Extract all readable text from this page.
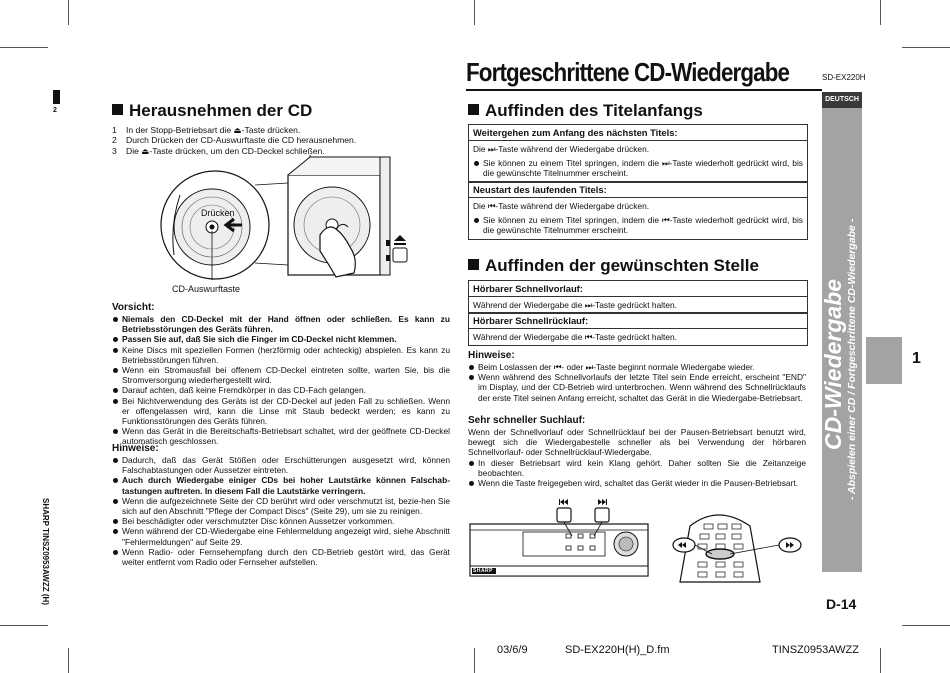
2
SHARP TINSZ0953AWZZ (H)
Fortgeschrittene CD-Wiedergabe	SD-EX220H
DEUTSCH
CD-Wiedergabe - Abspielen einer CD / Fortgeschrittene CD-Wiedergabe -	1
D-14
Herausnehmen der CD
1 In der Stopp-Betriebsart die ⏏-Taste drücken.
2 Durch Drücken der CD-Auswurftaste die CD herausnehmen.
3 Die ⏏-Taste drücken, um den CD-Deckel schließen.
Drücken
CD-Auswurftaste
Vorsicht:
Niemals den CD-Deckel mit der Hand öffnen oder schließen. Es kann zu Betriebsstörungen des Geräts führen.
Passen Sie auf, daß Sie sich die Finger im CD-Deckel nicht klemmen.
Keine Discs mit speziellen Formen (herzförmig oder achteckig) abspielen. Es kann zu Betriebsstörungen führen.
Wenn ein Stromausfall bei offenem CD-Deckel eintreten sollte, warten Sie, bis die Stromversorgung wiederhergestellt wird.
Darauf achten, daß keine Fremdkörper in das CD-Fach gelangen.
Bei Nichtverwendung des Geräts ist der CD-Deckel auf jeden Fall zu schließen. Wenn er offengelassen wird, kann die Linse mit Staub bedeckt werden; es kann zu Funktionsstörungen des Geräts führen.
Wenn das Gerät in die Bereitschafts-Betriebsart schaltet, wird der geöffnete CD-Deckel automatisch geschlossen.
Hinweise:
Dadurch, daß das Gerät Stößen oder Erschütterungen ausgesetzt wird, können Falschabtastungen oder Aussetzer eintreten.
Auch durch Wiedergabe einiger CDs bei hoher Lautstärke können Falschab-tastungen auftreten. In diesem Fall die Lautstärke verringern.
Wenn die aufgezeichnete Seite der CD berührt wird oder verschmutzt ist, bezie-hen Sie sich auf den Abschnitt "Pflege der Compact Discs" (Seite 29), um sie zu reinigen.
Bei beschädigter oder verschmutzter Disc können Aussetzer vorkommen.
Wenn während der CD-Wiedergabe eine Fehlermeldung angezeigt wird, siehe Abschnitt "Fehlermeldungen" auf Seite 29.
Wenn Radio- oder Fernsehempfang durch den CD-Betrieb gestört wird, das Gerät weiter entfernt vom Radio oder Fernseher aufstellen.
Auffinden des Titelanfangs
Weitergehen zum Anfang des nächsten Titels:
Die ⏭-Taste während der Wiedergabe drücken.
Sie können zu einem Titel springen, indem die ⏭-Taste wiederholt gedrückt wird, bis die gewünschte Titelnummer erscheint.
Neustart des laufenden Titels:
Die ⏮-Taste während der Wiedergabe drücken.
Sie können zu einem Titel springen, indem die ⏮-Taste wiederholt gedrückt wird, bis die gewünschte Titelnummer erscheint.
Auffinden der gewünschten Stelle
Hörbarer Schnellvorlauf:
Während der Wiedergabe die ⏭-Taste gedrückt halten.
Hörbarer Schnellrücklauf:
Während der Wiedergabe die ⏮-Taste gedrückt halten.
Hinweise:
Beim Loslassen der ⏮- oder ⏭-Taste beginnt normale Wiedergabe wieder.
Wenn während des Schnellvorlaufs der letzte Titel sein Ende erreicht, erscheint "END" im Display, und der CD-Betrieb wird unterbrochen. Wenn während des Schnellrücklaufs der erste Titel seinen Anfang erreicht, schaltet das Gerät in die Wiedergabe-Betriebsart.
Sehr schneller Suchlauf:
Wenn der Schnellvorlauf oder Schnellrücklauf bei der Pausen-Betriebsart benutzt wird, bewegt sich die Wiedergabestelle schneller als bei Verwendung der hörbaren Schnellvorlauf- oder Schnellrücklauf-Wiedergabe.
In dieser Betriebsart wird kein Klang gehört. Daher sollten Sie die Zeitanzeige beobachten.
Wenn die Taste freigegeben wird, schaltet das Gerät wieder in die Pausen-Betriebsart.
SHARP
03/6/9	SD-EX220H(H)_D.fm	TINSZ0953AWZZ
